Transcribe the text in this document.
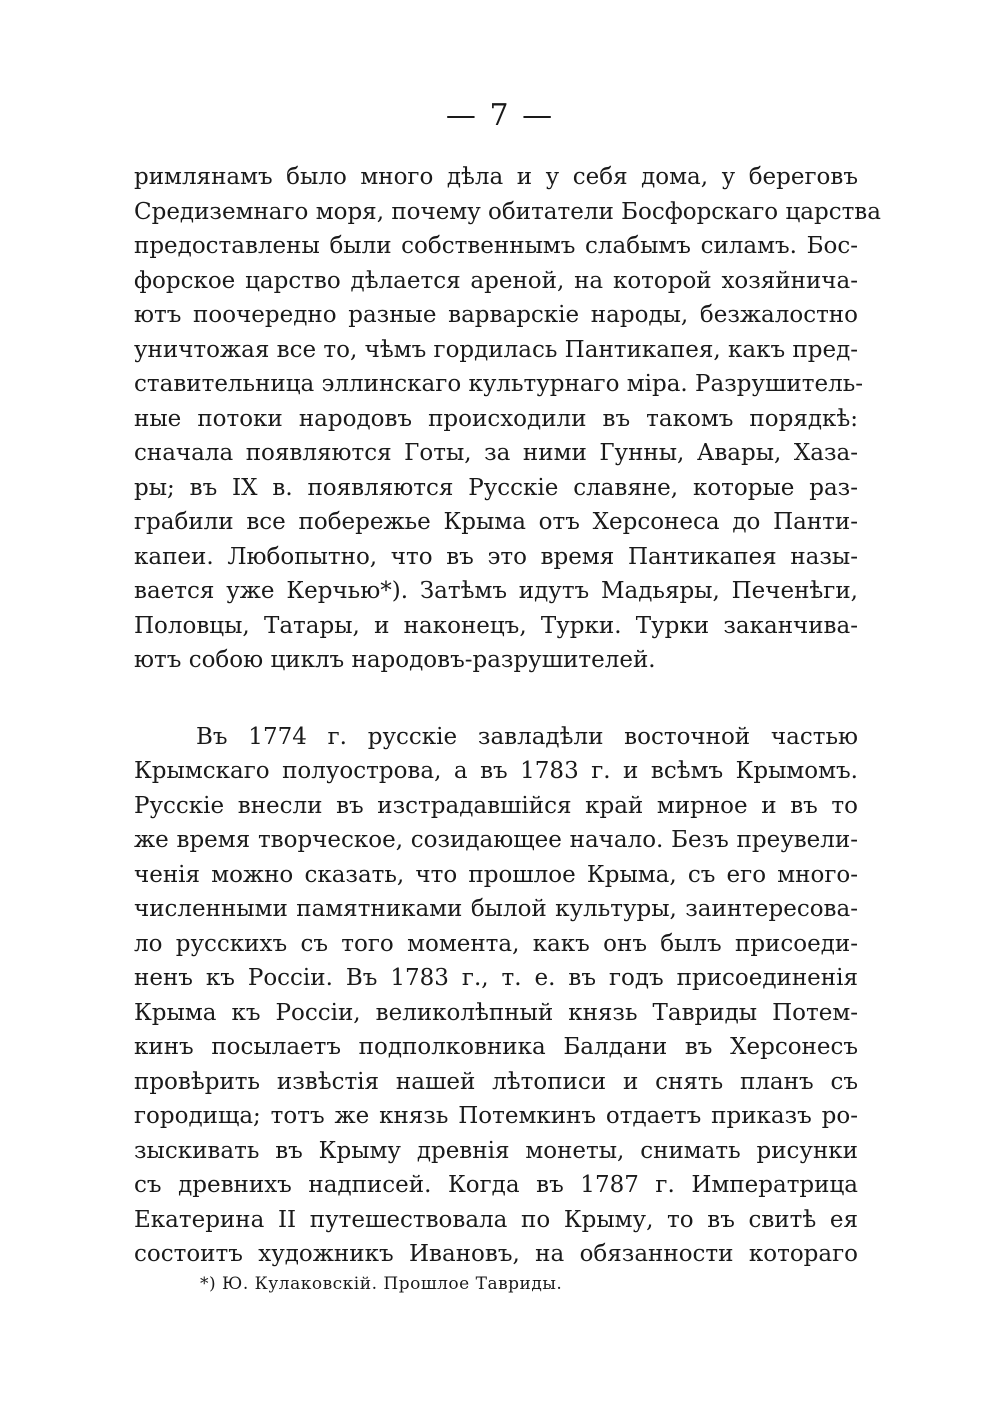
— 7 —
римлянамъ было много дѣла и у себя дома, у береговъ
Средиземнаго моря, почему обитатели Босфорскаго царства
предоставлены были собственнымъ слабымъ силамъ. Бос-
форское царство дѣлается ареной, на которой хозяйнича-
ютъ поочередно разные варварскіе народы, безжалостно
уничтожая все то, чѣмъ гордилась Пантикапея, какъ пред-
ставительница эллинскаго культурнаго міра. Разрушитель-
ные потоки народовъ происходили въ такомъ порядкѣ:
сначала появляются Готы, за ними Гунны, Авары, Хаза-
ры; въ IX в. появляются Русскіе славяне, которые раз-
грабили все побережье Крыма отъ Херсонеса до Панти-
капеи. Любопытно, что въ это время Пантикапея назы-
вается уже Керчью*). Затѣмъ идутъ Мадьяры, Печенѣги,
Половцы, Татары, и наконецъ, Турки. Турки заканчива-
ютъ собою циклъ народовъ-разрушителей.
Въ 1774 г. русскіе завладѣли восточной частью
Крымскаго полуострова, а въ 1783 г. и всѣмъ Крымомъ.
Русскіе внесли въ изстрадавшійся край мирное и въ то
же время творческое, созидающее начало. Безъ преувели-
ченія можно сказать, что прошлое Крыма, съ его много-
численными памятниками былой культуры, заинтересова-
ло русскихъ съ того момента, какъ онъ былъ присоеди-
ненъ къ Россіи. Въ 1783 г., т. е. въ годъ присоединенія
Крыма къ Россіи, великолѣпный князь Тавриды Потем-
кинъ посылаетъ подполковника Балдани въ Херсонесъ
провѣрить извѣстія нашей лѣтописи и снять планъ съ
городища; тотъ же князь Потемкинъ отдаетъ приказъ ро-
зыскивать въ Крыму древнія монеты, снимать рисунки
съ древнихъ надписей. Когда въ 1787 г. Императрица
Екатерина II путешествовала по Крыму, то въ свитѣ ея
состоитъ художникъ Ивановъ, на обязанности котораго
*) Ю. Кулаковскій. Прошлое Тавриды.
